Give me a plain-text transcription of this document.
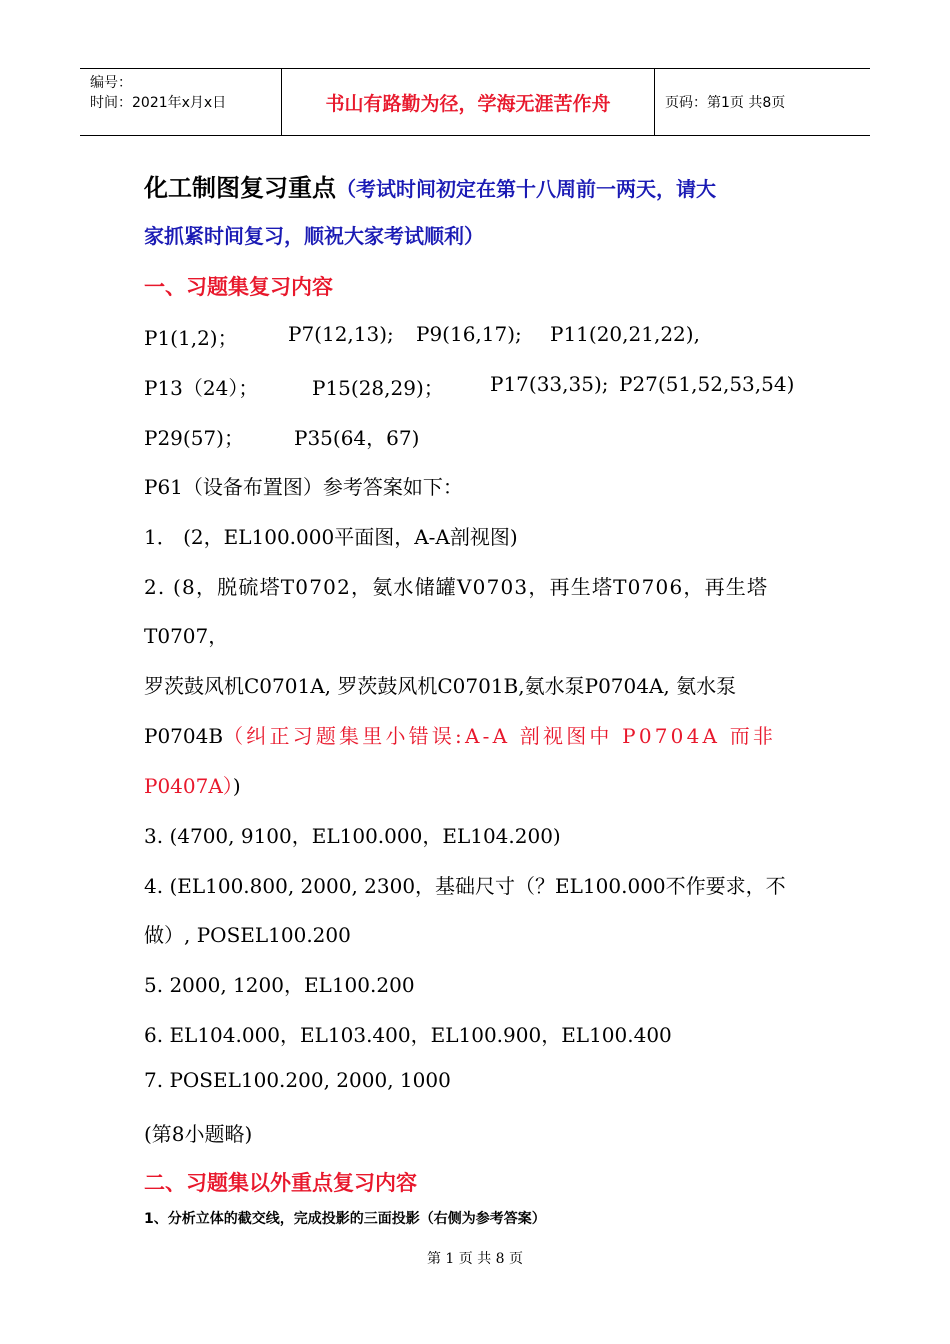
编号：
时间：2021年x月x日	书山有路勤为径，学海无涯苦作舟	页码：第1页 共8页
化工制图复习重点（考试时间初定在第十八周前一两天，请大
家抓紧时间复习，顺祝大家考试顺利）
一、习题集复习内容
P1(1,2)；	P7(12,13); P9(16,17); P11(20,21,22),
P13（24）；	P15(28,29)； P17(33,35); P27(51,52,53,54)
P29(57)；	P35(64，67)
P61（设备布置图）参考答案如下：
1． (2，EL100.000平面图，A-A剖视图)
2. (8，脱硫塔T0702，氨水储罐V0703，再生塔T0706，再生塔
T0707，
罗茨鼓风机C0701A, 罗茨鼓风机C0701B,氨水泵P0704A, 氨水泵
P0704B（纠正习题集里小错误:A-A 剖视图中 P0704A 而非
P0407A）)
3. (4700, 9100，EL100.000，EL104.200)
4. (EL100.800, 2000, 2300，基础尺寸（？EL100.000不作要求，不
做）, POSEL100.200
5. 2000, 1200，EL100.200
6. EL104.000，EL103.400，EL100.900，EL100.400
7. POSEL100.200, 2000, 1000
(第8小题略)
二、习题集以外重点复习内容
1、分析立体的截交线，完成投影的三面投影（右侧为参考答案）
第 1 页 共 8 页
